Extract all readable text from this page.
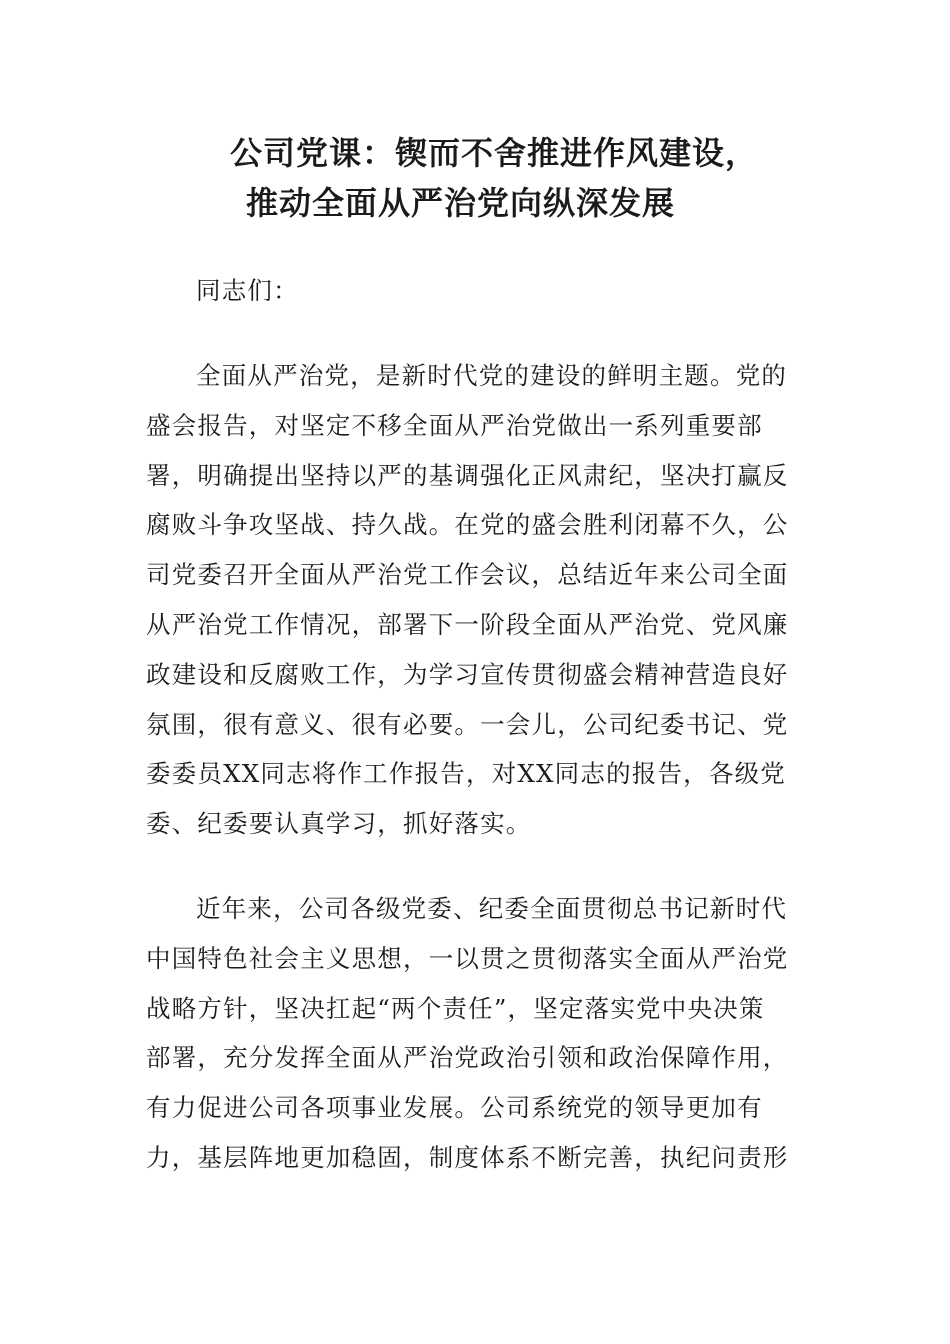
公司党课：锲而不舍推进作风建设，
推动全面从严治党向纵深发展
同志们：
全面从严治党，是新时代党的建设的鲜明主题。党的
盛会报告，对坚定不移全面从严治党做出一系列重要部
署，明确提出坚持以严的基调强化正风肃纪，坚决打赢反
腐败斗争攻坚战、持久战。在党的盛会胜利闭幕不久，公
司党委召开全面从严治党工作会议，总结近年来公司全面
从严治党工作情况，部署下一阶段全面从严治党、党风廉
政建设和反腐败工作，为学习宣传贯彻盛会精神营造良好
氛围，很有意义、很有必要。一会儿，公司纪委书记、党
委委员XX同志将作工作报告，对XX同志的报告，各级党
委、纪委要认真学习，抓好落实。
近年来，公司各级党委、纪委全面贯彻总书记新时代
中国特色社会主义思想，一以贯之贯彻落实全面从严治党
战略方针，坚决扛起“两个责任”，坚定落实党中央决策
部署，充分发挥全面从严治党政治引领和政治保障作用，
有力促进公司各项事业发展。公司系统党的领导更加有
力，基层阵地更加稳固，制度体系不断完善，执纪问责形
